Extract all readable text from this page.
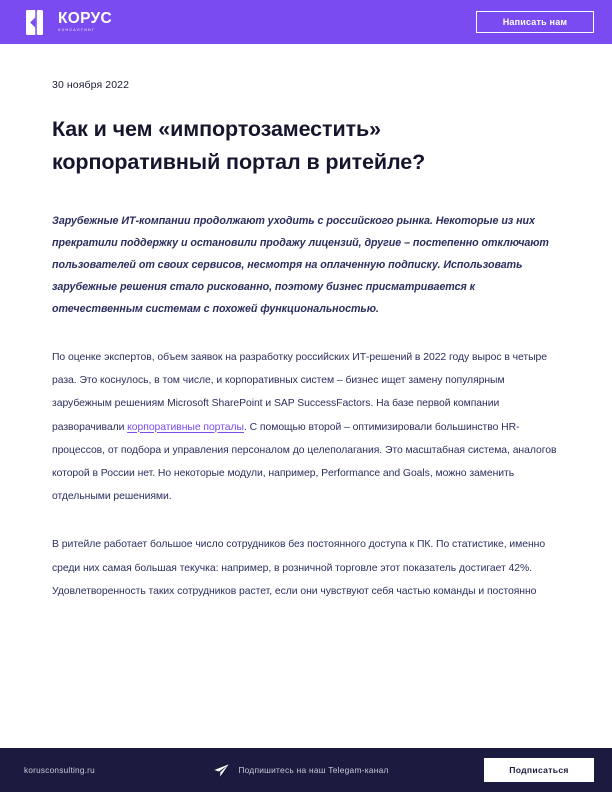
КОРУС
КОНСАЛТИНГ
Написать нам
30 ноября 2022
Как и чем «импортозаместить» корпоративный портал в ритейле?

Зарубежные ИТ-компании продолжают уходить с российского рынка. Некоторые из них прекратили поддержку и остановили продажу лицензий, другие – постепенно отключают пользователей от своих сервисов, несмотря на оплаченную подписку. Использовать зарубежные решения стало рискованно, поэтому бизнес присматривается к отечественным системам с похожей функциональностью.

По оценке экспертов, объем заявок на разработку российских ИТ-решений в 2022 году вырос в четыре раза. Это коснулось, в том числе, и корпоративных систем – бизнес ищет замену популярным зарубежным решениям Microsoft SharePoint и SAP SuccessFactors. На базе первой компании разворачивали корпоративные порталы. С помощью второй – оптимизировали большинство HR-процессов, от подбора и управления персоналом до целеполагания. Это масштабная система, аналогов которой в России нет. Но некоторые модули, например, Performance and Goals, можно заменить отдельными решениями.

В ритейле работает большое число сотрудников без постоянного доступа к ПК. По статистике, именно среди них самая большая текучка: например, в розничной торговле этот показатель достигает 42%. Удовлетворенность таких сотрудников растет, если они чувствуют себя частью команды и постоянно

korusconsulting.ru	Подпишитесь на наш Telegam-канал	Подписаться
